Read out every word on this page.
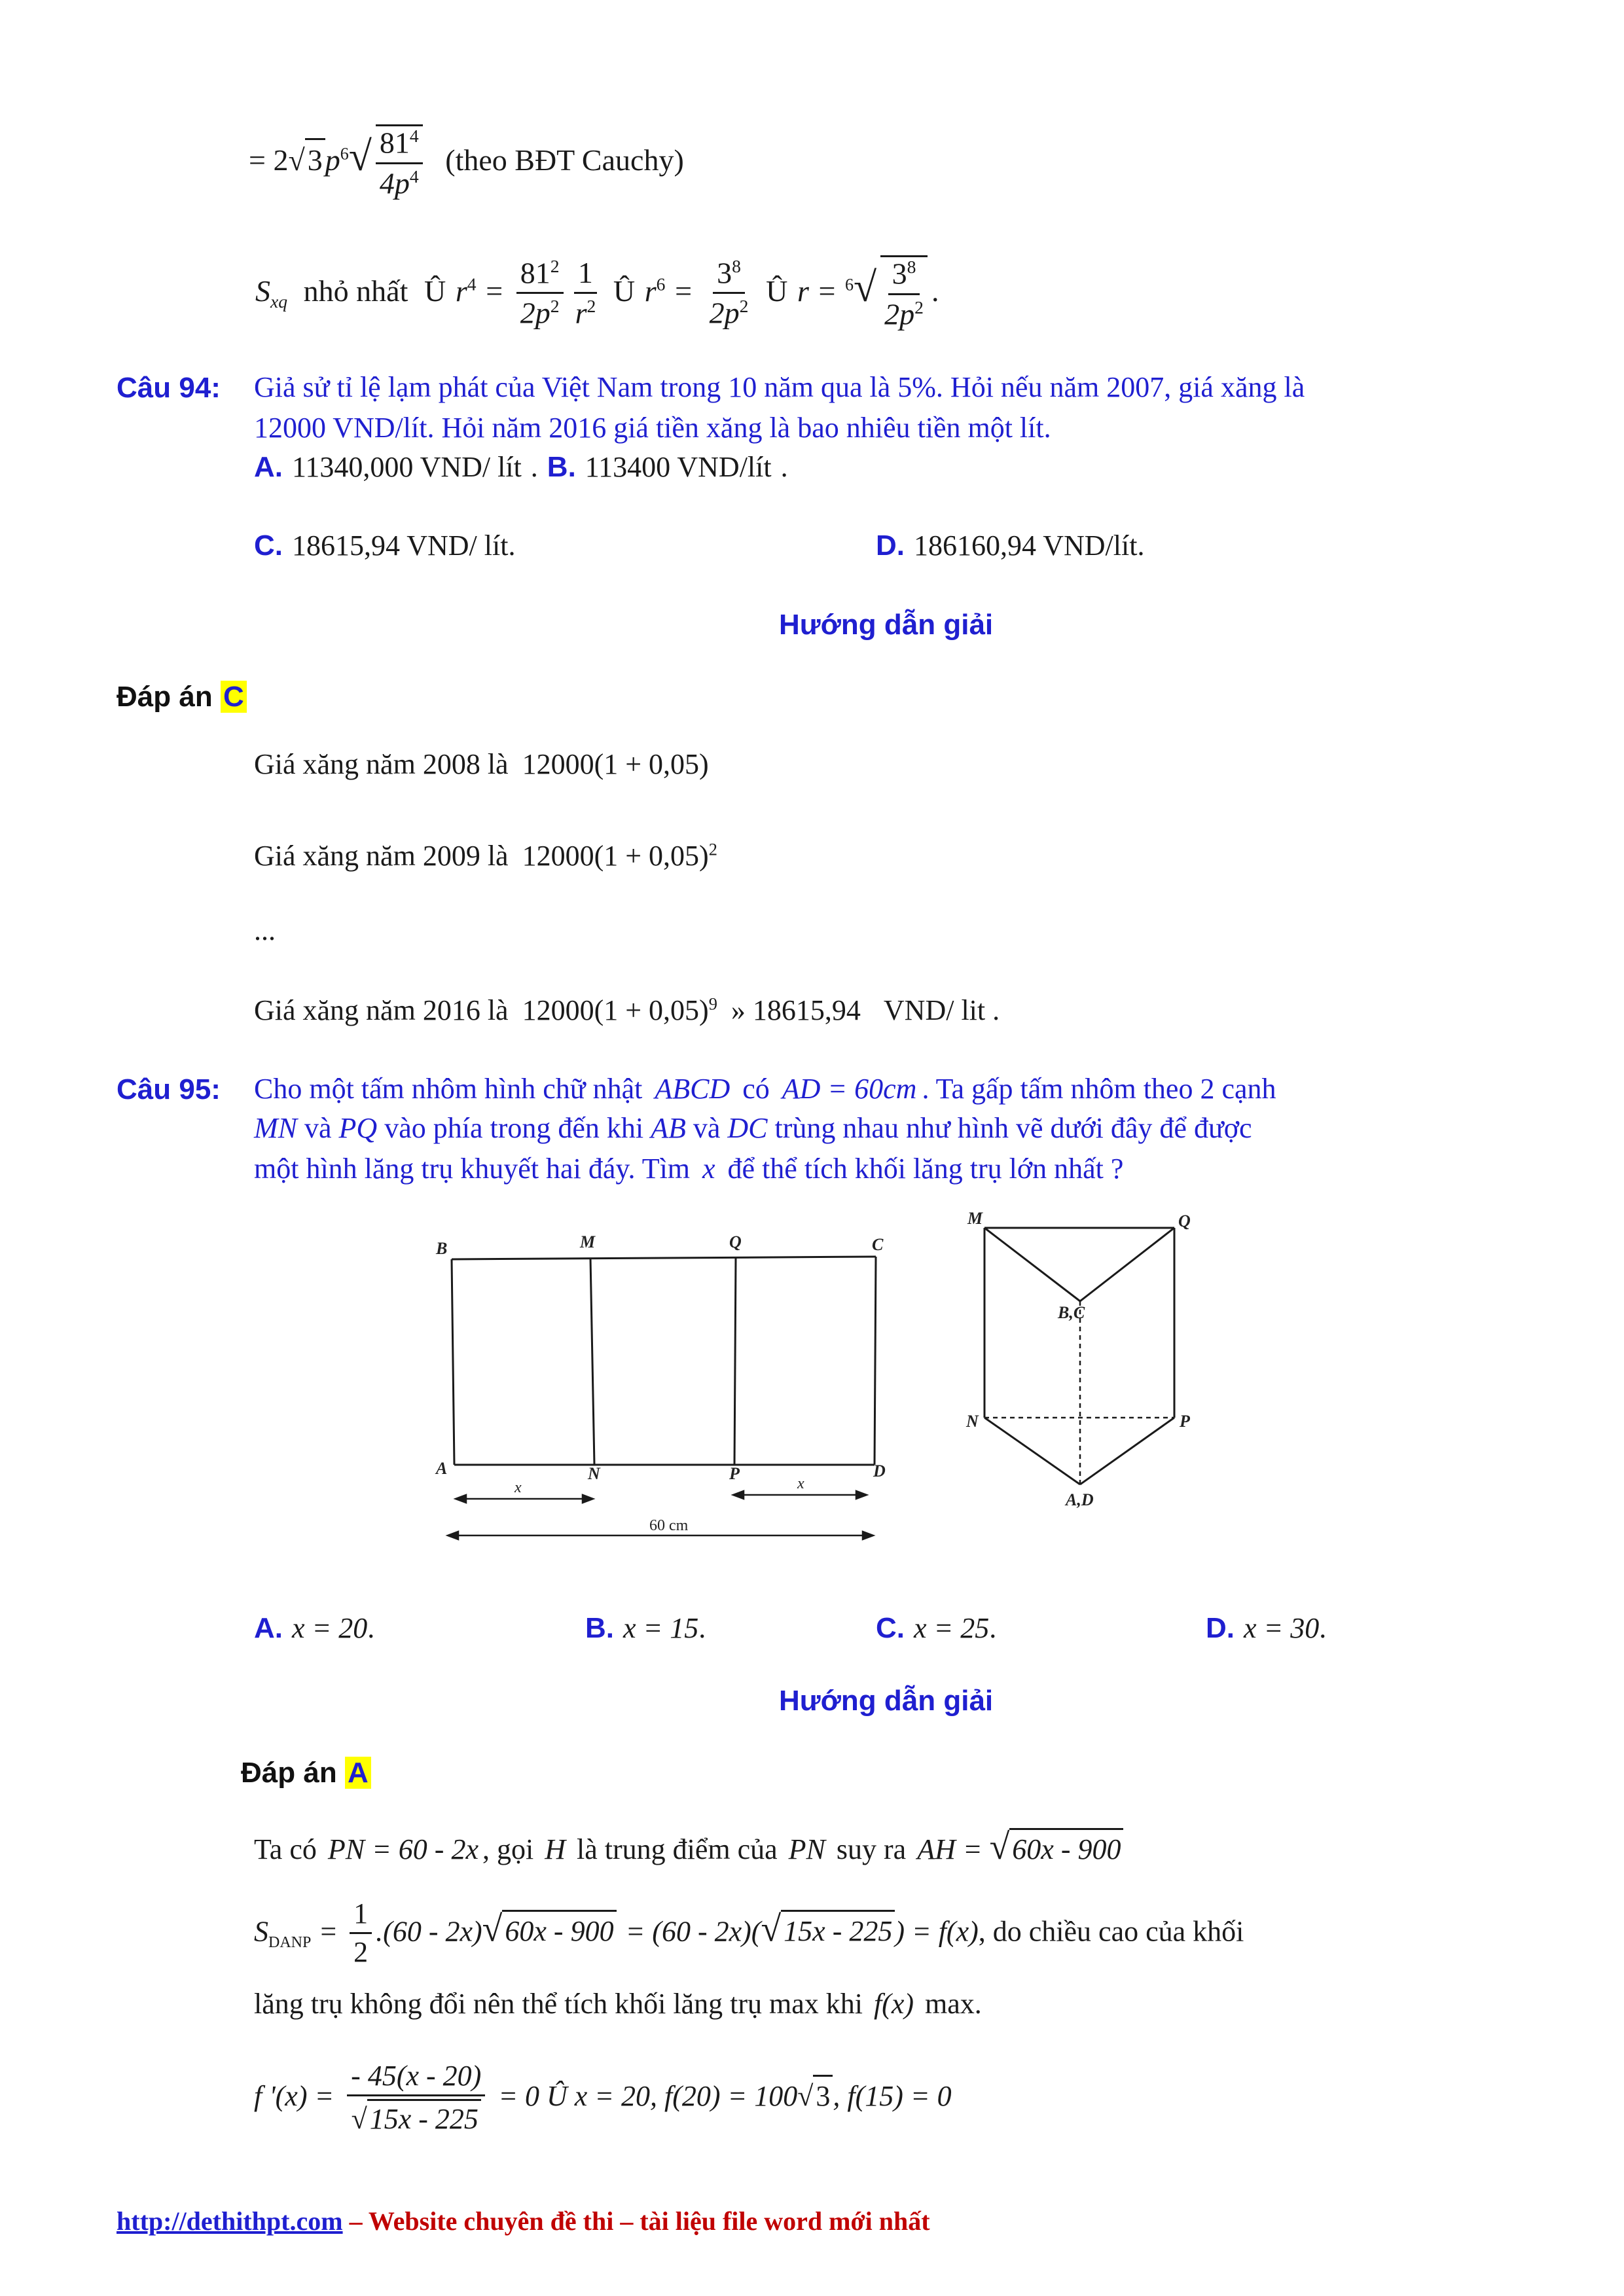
= $2√3p^6√ \frac{81^4}{4p^4}$ (theo BĐT Cauchy)
$S_{xq}$ nhỏ nhất Û $r^4 = \frac{81^2}{2p^2} \frac{1}{r^2}$ Û $r^6 = \frac{3^8}{2p^2}$ Û $r = ^6√ \frac{3^8}{2p^2}$ .
Câu 94: Giả sử tỉ lệ lạm phát của Việt Nam trong 10 năm qua là 5%. Hỏi nếu năm 2007, giá xăng là
12000 VND/lít. Hỏi năm 2016 giá tiền xăng là bao nhiêu tiền một lít.
A. 11340,000 VND/ lít . B. 113400 VND/lít .
C. 18615,94 VND/ lít.	D. 186160,94 VND/lít.
Hướng dẫn giải
Đáp án C
Giá xăng năm 2008 là 12000(1 + 0,05)
Giá xăng năm 2009 là $12000(1 + 0,05)^2$
...
Giá xăng năm 2016 là $12000(1 + 0,05)^9$ » 18615,94 VND/ lit .
Câu 95: Cho một tấm nhôm hình chữ nhật ABCD có AD = 60cm . Ta gấp tấm nhôm theo 2 cạnh
MN và PQ vào phía trong đến khi AB và DC trùng nhau như hình vẽ dưới đây để được
một hình lăng trụ khuyết hai đáy. Tìm x để thể tích khối lăng trụ lớn nhất ?
B	M	Q	C
A	N	P	D
x	x
60 cm
M	Q
B,C
N	P
A,D
A. x = 20.	B. x = 15.	C. x = 25.	D. x = 30.
Hướng dẫn giải
Đáp án A
Ta có PN = 60 - 2x , gọi H là trung điểm của PN suy ra AH = √60x - 900
$S_{DANP} = \frac{1}{2} .(60 - 2x)√60x - 900 = (60 - 2x)(√15x - 225) = f(x)$, do chiều cao của khối
lăng trụ không đổi nên thể tích khối lăng trụ max khi f(x) max.
f '$(x) = \frac{- 45(x - 20)}{√15x - 225} = 0$ Û x = 20, f(20) = 100√3, f(15) = 0
http://dethithpt.com – Website chuyên đề thi – tài liệu file word mới nhất
